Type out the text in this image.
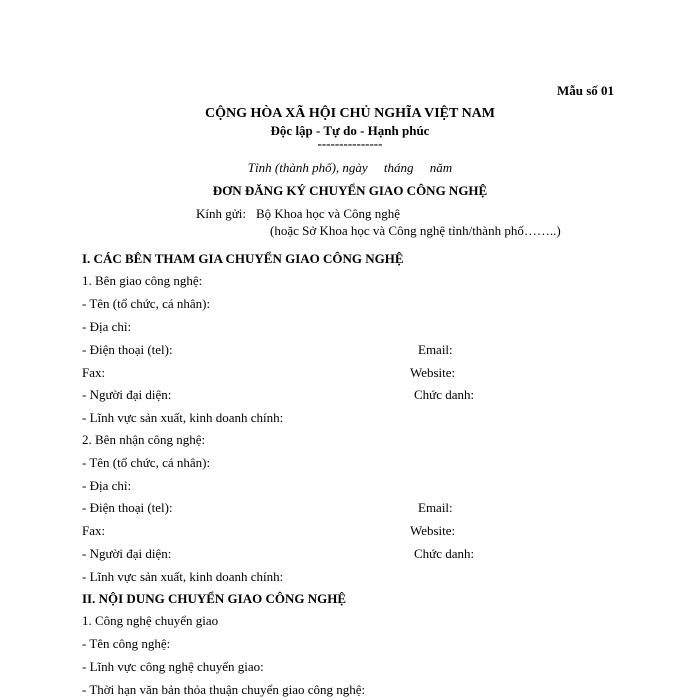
Mẫu số 01
CỘNG HÒA XÃ HỘI CHỦ NGHĨA VIỆT NAM
Độc lập - Tự do - Hạnh phúc
---------------
Tỉnh (thành phố), ngày     tháng     năm
ĐƠN ĐĂNG KÝ CHUYỂN GIAO CÔNG NGHỆ
Kính gửi: Bộ Khoa học và Công nghệ
(hoặc Sở Khoa học và Công nghệ tỉnh/thành phố……..)
I. CÁC BÊN THAM GIA CHUYỂN GIAO CÔNG NGHỆ
1. Bên giao công nghệ:
- Tên (tổ chức, cá nhân):
- Địa chỉ:
- Điện thoại (tel):	Email:
Fax:	Website:
- Người đại diện:	Chức danh:
- Lĩnh vực sản xuất, kinh doanh chính:
2. Bên nhận công nghệ:
- Tên (tổ chức, cá nhân):
- Địa chỉ:
- Điện thoại (tel):	Email:
Fax:	Website:
- Người đại diện:	Chức danh:
- Lĩnh vực sản xuất, kinh doanh chính:
II. NỘI DUNG CHUYỂN GIAO CÔNG NGHỆ
1. Công nghệ chuyển giao
- Tên công nghệ:
- Lĩnh vực công nghệ chuyển giao:
- Thời hạn văn bản thỏa thuận chuyển giao công nghệ:
